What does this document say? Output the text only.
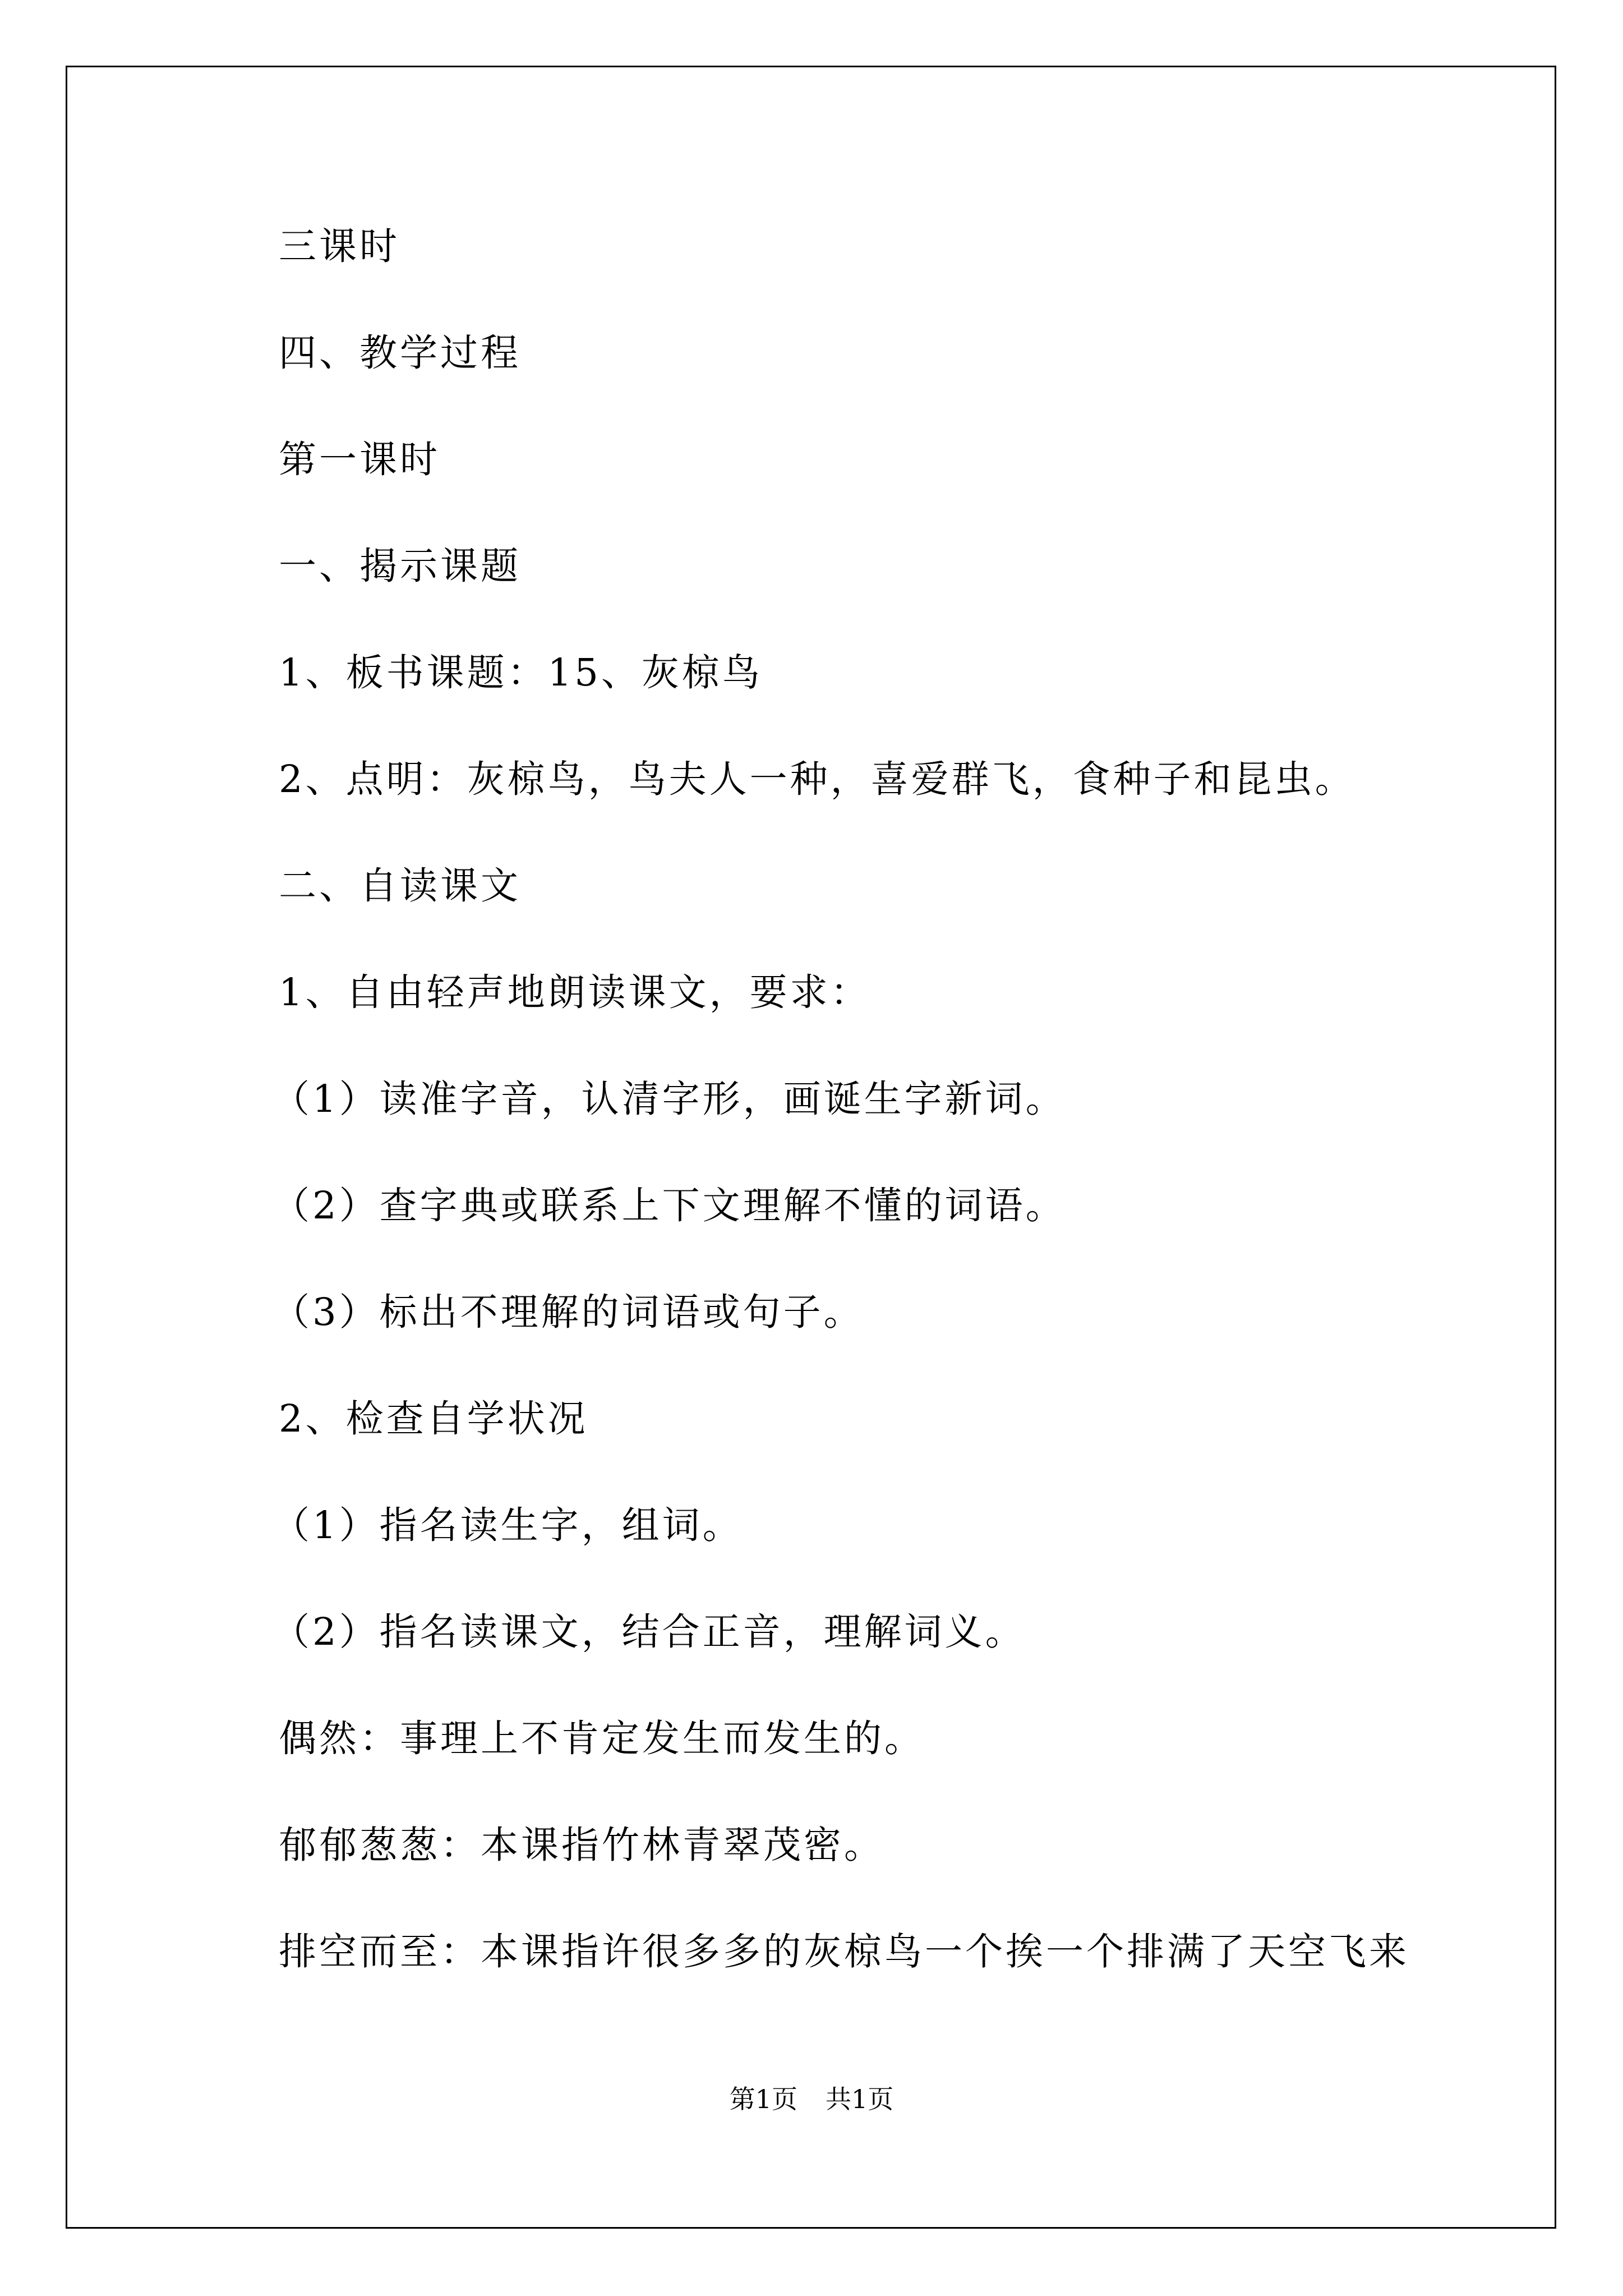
三课时
四、教学过程
第一课时
一、揭示课题
1、板书课题：15、灰椋鸟
2、点明：灰椋鸟，鸟夫人一种，喜爱群飞，食种子和昆虫。
二、自读课文
1、自由轻声地朗读课文，要求：
（1）读准字音，认清字形，画诞生字新词。
（2）查字典或联系上下文理解不懂的词语。
（3）标出不理解的词语或句子。
2、检查自学状况
（1）指名读生字，组词。
（2）指名读课文，结合正音，理解词义。
偶然：事理上不肯定发生而发生的。
郁郁葱葱：本课指竹林青翠茂密。
排空而至：本课指许很多多的灰椋鸟一个挨一个排满了天空飞来
第1页 共1页
